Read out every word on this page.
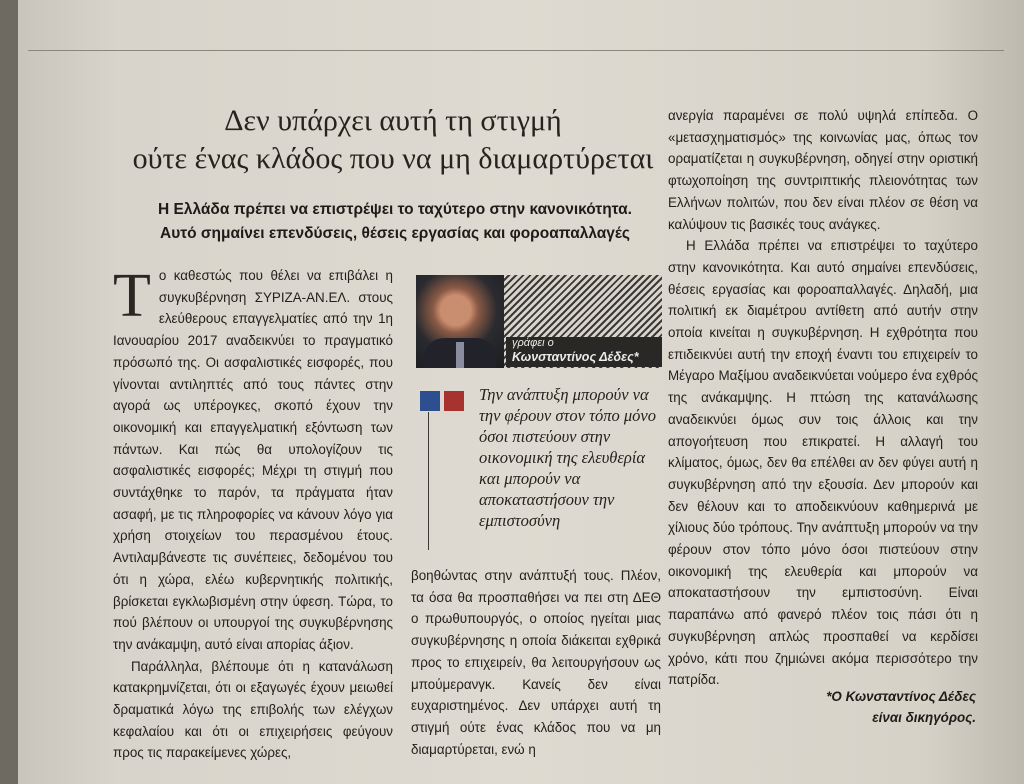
Δεν υπάρχει αυτή τη στιγμή
ούτε ένας κλάδος που να μη διαμαρτύρεται
Η Ελλάδα πρέπει να επιστρέψει το ταχύτερο στην κανονικότητα.
Αυτό σημαίνει επενδύσεις, θέσεις εργασίας και φοροαπαλλαγές

Το καθεστώς που θέλει να επιβάλει η συγκυβέρνηση ΣΥΡΙΖΑ-ΑΝ.ΕΛ. στους ελεύθερους επαγγελματίες από την 1η Ιανουαρίου 2017 αναδεικνύει το πραγματικό πρόσωπό της. Οι ασφαλιστικές εισφορές, που γίνονται αντιληπτές από τους πάντες στην αγορά ως υπέρογκες, σκοπό έχουν την οικονομική και επαγγελματική εξόντωση των πάντων. Και πώς θα υπολογίζουν τις ασφαλιστικές εισφορές; Μέχρι τη στιγμή που συντάχθηκε το παρόν, τα πράγματα ήταν ασαφή, με τις πληροφορίες να κάνουν λόγο για χρήση στοιχείων του περασμένου έτους. Αντιλαμβάνεστε τις συνέπειες, δεδομένου του ότι η χώρα, ελέω κυβερνητικής πολιτικής, βρίσκεται εγκλωβισμένη στην ύφεση. Τώρα, το πού βλέπουν οι υπουργοί της συγκυβέρνησης την ανάκαμψη, αυτό είναι απορίας άξιον.

Παράλληλα, βλέπουμε ότι η κατανάλωση κατακρημνίζεται, ότι οι εξαγωγές έχουν μειωθεί δραματικά λόγω της επιβολής των ελέγχων κεφαλαίου και ότι οι επιχειρήσεις φεύγουν προς τις παρακείμενες χώρες,

γράφει ο
Κωνσταντίνος Δέδες*
Την ανάπτυξη μπορούν να την φέρουν στον τόπο μόνο όσοι πιστεύουν στην οικονομική της ελευθερία και μπορούν να αποκαταστήσουν την εμπιστοσύνη

βοηθώντας στην ανάπτυξή τους. Πλέον, τα όσα θα προσπαθήσει να πει στη ΔΕΘ ο πρωθυπουργός, ο οποίος ηγείται μιας συγκυβέρνησης η οποία διάκειται εχθρικά προς το επιχειρείν, θα λειτουργήσουν ως μπούμερανγκ. Κανείς δεν είναι ευχαριστημένος. Δεν υπάρχει αυτή τη στιγμή ούτε ένας κλάδος που να μη διαμαρτύρεται, ενώ η

ανεργία παραμένει σε πολύ υψηλά επίπεδα. Ο «μετασχηματισμός» της κοινωνίας μας, όπως τον οραματίζεται η συγκυβέρνηση, οδηγεί στην οριστική φτωχοποίηση της συντριπτικής πλειονότητας των Ελλήνων πολιτών, που δεν είναι πλέον σε θέση να καλύψουν τις βασικές τους ανάγκες.

Η Ελλάδα πρέπει να επιστρέψει το ταχύτερο στην κανονικότητα. Και αυτό σημαίνει επενδύσεις, θέσεις εργασίας και φοροαπαλλαγές. Δηλαδή, μια πολιτική εκ διαμέτρου αντίθετη από αυτήν στην οποία κινείται η συγκυβέρνηση. Η εχθρότητα που επιδεικνύει αυτή την εποχή έναντι του επιχειρείν το Μέγαρο Μαξίμου αναδεικνύεται νούμερο ένα εχθρός της ανάκαμψης. Η πτώση της κατανάλωσης αναδεικνύει όμως συν τοις άλλοις και την απογοήτευση που επικρατεί. Η αλλαγή του κλίματος, όμως, δεν θα επέλθει αν δεν φύγει αυτή η συγκυβέρνηση από την εξουσία. Δεν μπορούν και δεν θέλουν και το αποδεικνύουν καθημερινά με χίλιους δύο τρόπους. Την ανάπτυξη μπορούν να την φέρουν στον τόπο μόνο όσοι πιστεύουν στην οικονομική της ελευθερία και μπορούν να αποκαταστήσουν την εμπιστοσύνη. Είναι παραπάνω από φανερό πλέον τοις πάσι ότι η συγκυβέρνηση απλώς προσπαθεί να κερδίσει χρόνο, κάτι που ζημιώνει ακόμα περισσότερο την πατρίδα.

*Ο Κωνσταντίνος Δέδες
είναι δικηγόρος.
